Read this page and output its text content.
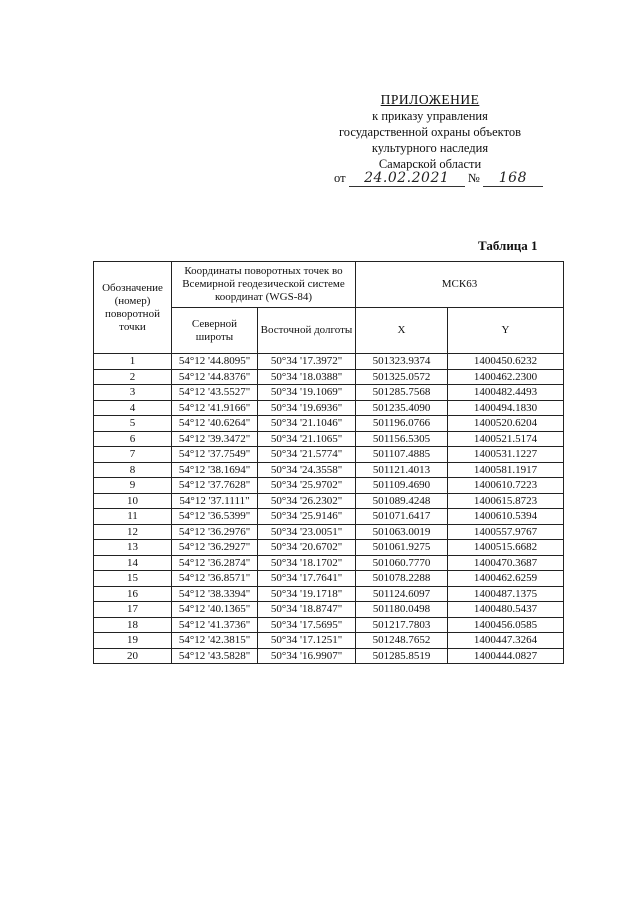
ПРИЛОЖЕНИЕ
к приказу управления
государственной охраны объектов
культурного наследия
Самарской области
от 24.02.2021 № 168
Таблица 1
Обозначение (номер) поворотной точки	Координаты поворотных точек во Всемирной геодезической системе координат (WGS-84)		МСК63	
	Северной широты	Восточной долготы	X	Y
1	54°12 '44.8095"	50°34 '17.3972"	501323.9374	1400450.6232
2	54°12 '44.8376"	50°34 '18.0388"	501325.0572	1400462.2300
3	54°12 '43.5527"	50°34 '19.1069"	501285.7568	1400482.4493
4	54°12 '41.9166"	50°34 '19.6936"	501235.4090	1400494.1830
5	54°12 '40.6264"	50°34 '21.1046"	501196.0766	1400520.6204
6	54°12 '39.3472"	50°34 '21.1065"	501156.5305	1400521.5174
7	54°12 '37.7549"	50°34 '21.5774"	501107.4885	1400531.1227
8	54°12 '38.1694"	50°34 '24.3558"	501121.4013	1400581.1917
9	54°12 '37.7628"	50°34 '25.9702"	501109.4690	1400610.7223
10	54°12 '37.1111"	50°34 '26.2302"	501089.4248	1400615.8723
11	54°12 '36.5399"	50°34 '25.9146"	501071.6417	1400610.5394
12	54°12 '36.2976"	50°34 '23.0051"	501063.0019	1400557.9767
13	54°12 '36.2927"	50°34 '20.6702"	501061.9275	1400515.6682
14	54°12 '36.2874"	50°34 '18.1702"	501060.7770	1400470.3687
15	54°12 '36.8571"	50°34 '17.7641"	501078.2288	1400462.6259
16	54°12 '38.3394"	50°34 '19.1718"	501124.6097	1400487.1375
17	54°12 '40.1365"	50°34 '18.8747"	501180.0498	1400480.5437
18	54°12 '41.3736"	50°34 '17.5695"	501217.7803	1400456.0585
19	54°12 '42.3815"	50°34 '17.1251"	501248.7652	1400447.3264
20	54°12 '43.5828"	50°34 '16.9907"	501285.8519	1400444.0827
